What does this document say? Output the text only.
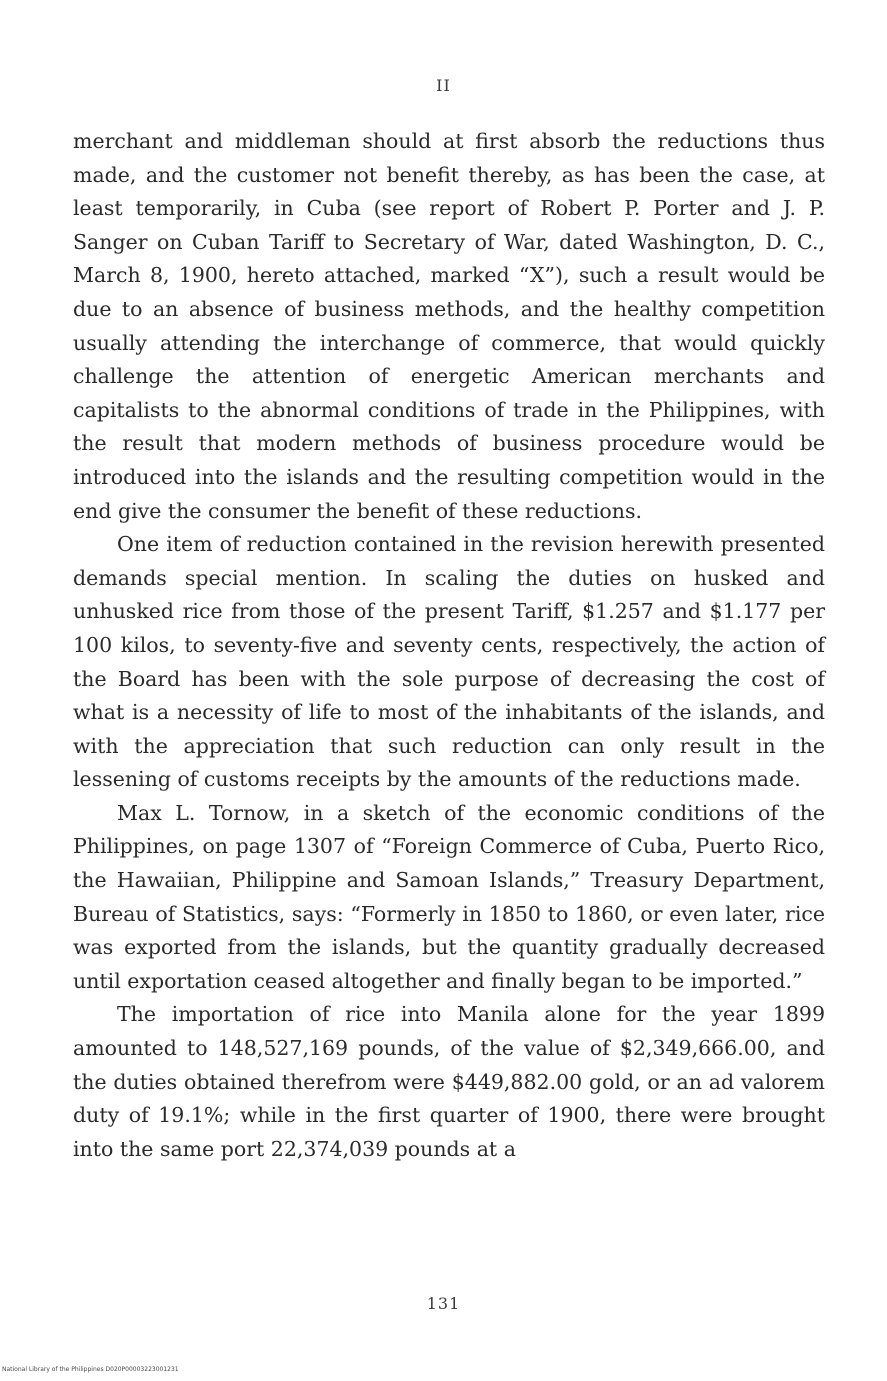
II

merchant and middleman should at first absorb the reductions thus made, and the customer not benefit thereby, as has been the case, at least temporarily, in Cuba (see report of Robert P. Porter and J. P. Sanger on Cuban Tariff to Secretary of War, dated Washington, D. C., March 8, 1900, hereto attached, marked “X”), such a result would be due to an absence of business methods, and the healthy competition usually attending the interchange of commerce, that would quickly challenge the attention of energetic American merchants and capitalists to the abnormal conditions of trade in the Philippines, with the result that modern methods of business procedure would be introduced into the islands and the resulting competition would in the end give the consumer the benefit of these reductions.

One item of reduction contained in the revision herewith presented demands special mention. In scaling the duties on husked and unhusked rice from those of the present Tariff, $1.257 and $1.177 per 100 kilos, to seventy-five and seventy cents, respectively, the action of the Board has been with the sole purpose of decreasing the cost of what is a necessity of life to most of the inhabitants of the islands, and with the appreciation that such reduction can only result in the lessening of customs receipts by the amounts of the reductions made.

Max L. Tornow, in a sketch of the economic conditions of the Philippines, on page 1307 of “Foreign Commerce of Cuba, Puerto Rico, the Hawaiian, Philippine and Samoan Islands,” Treasury Department, Bureau of Statistics, says: “Formerly in 1850 to 1860, or even later, rice was exported from the islands, but the quantity gradually decreased until exportation ceased altogether and finally began to be imported.”

The importation of rice into Manila alone for the year 1899 amounted to 148,527,169 pounds, of the value of $2,349,666.00, and the duties obtained therefrom were $449,882.00 gold, or an ad valorem duty of 19.1%; while in the first quarter of 1900, there were brought into the same port 22,374,039 pounds at a

131
National Library of the Philippines D020P00003223001231
